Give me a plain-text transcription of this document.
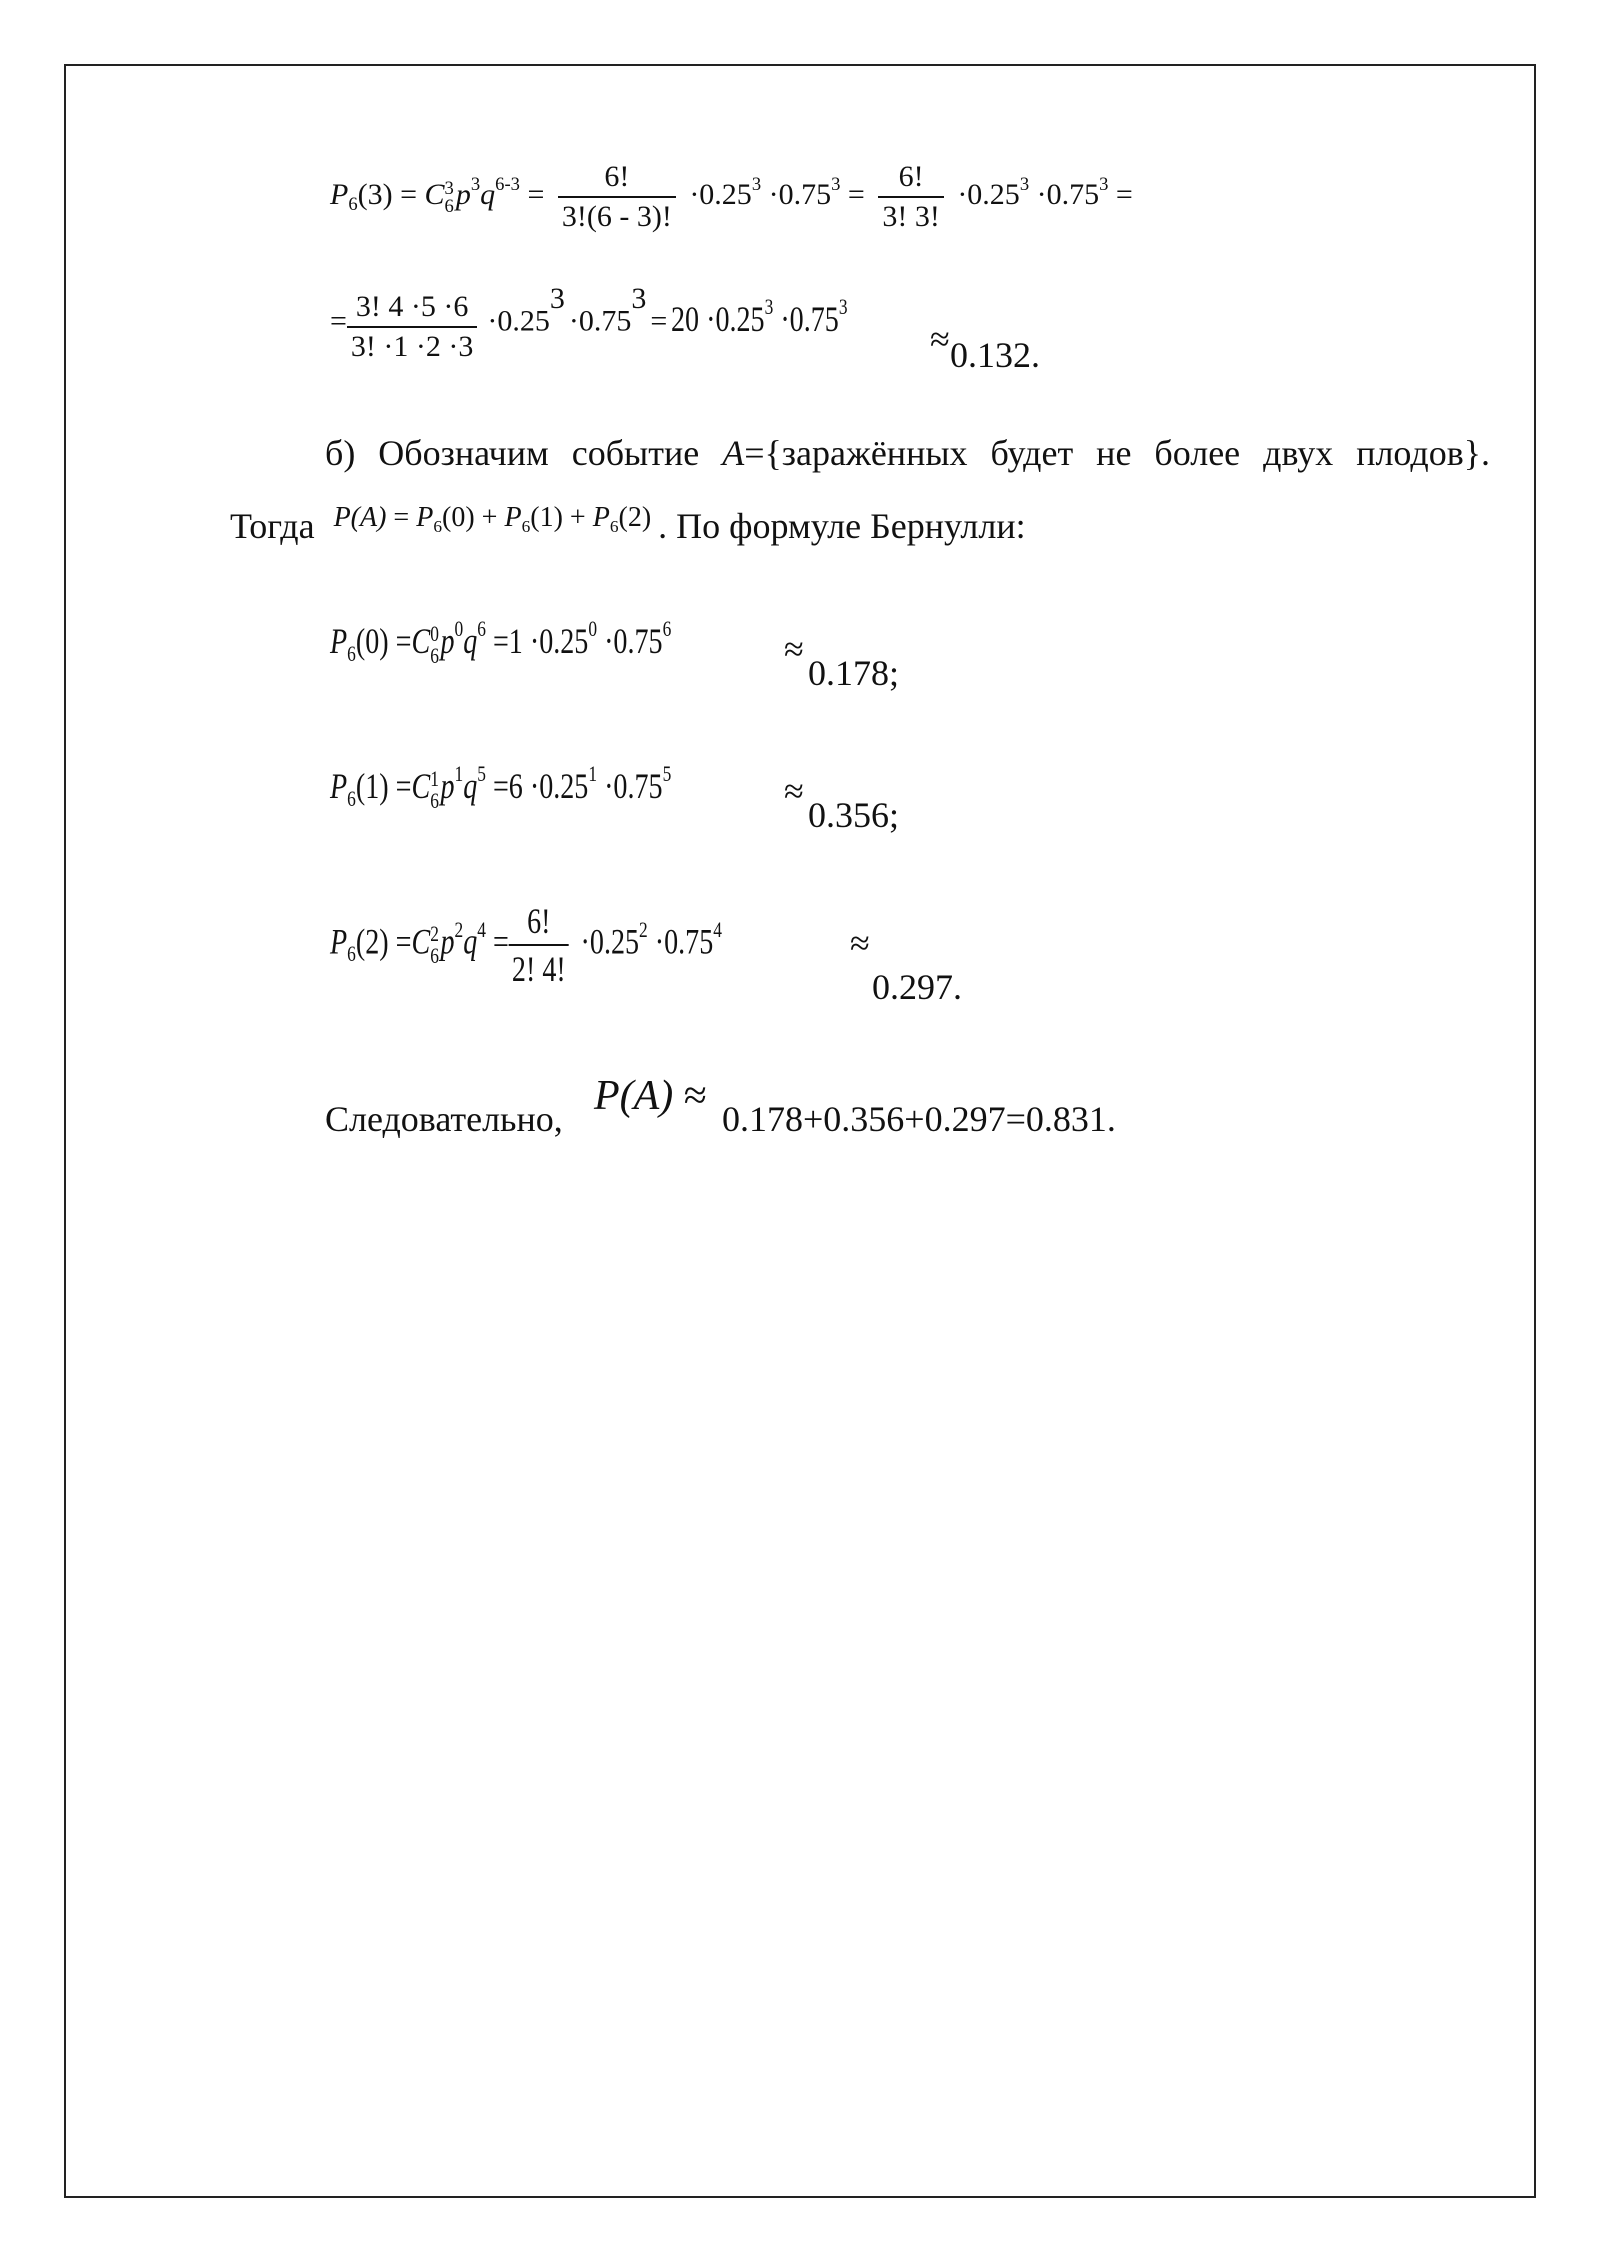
$P_6(3) = C$ 3
6 $p^3q^{6-3} = \frac{6!}{3!(6 - 3)!} \cdot 0.25^3 \cdot 0.75^3 = \frac{6!}{3! 3!} \cdot 0.25^3 \cdot 0.75^3$ =
= $\frac{3! 4 \cdot 5 \cdot 6}{3! \cdot 1 \cdot 2 \cdot 3} \cdot 0.25^3 \cdot 0.75^3 = 20 \cdot 0.25^3 \cdot 0.75^3$
≈ 0.132.
б) Обозначим событие A={заражённых будет не более двух плодов}.
Тогда $^{P(A) = P_6(0) + P_6(1) + P_6(2)}$ . По формуле Бернулли:
$P_6(0) =C$ 0
6 $p^0q^6 =1 \cdot 0.25^0 \cdot 0.75^6$
≈
0.178;
$P_6(1) =C$ 1
6 $p^1q^5 =6 \cdot 0.25^1 \cdot 0.75^5$	≈
0.356;
$P_6(2) =C$ 2
6 $p^2q^4 = \frac{6!}{2! 4!} \cdot 0.25^2 \cdot 0.75^4$	≈
0.297.
Следовательно, P(A) ≈ 0.178+0.356+0.297=0.831.
